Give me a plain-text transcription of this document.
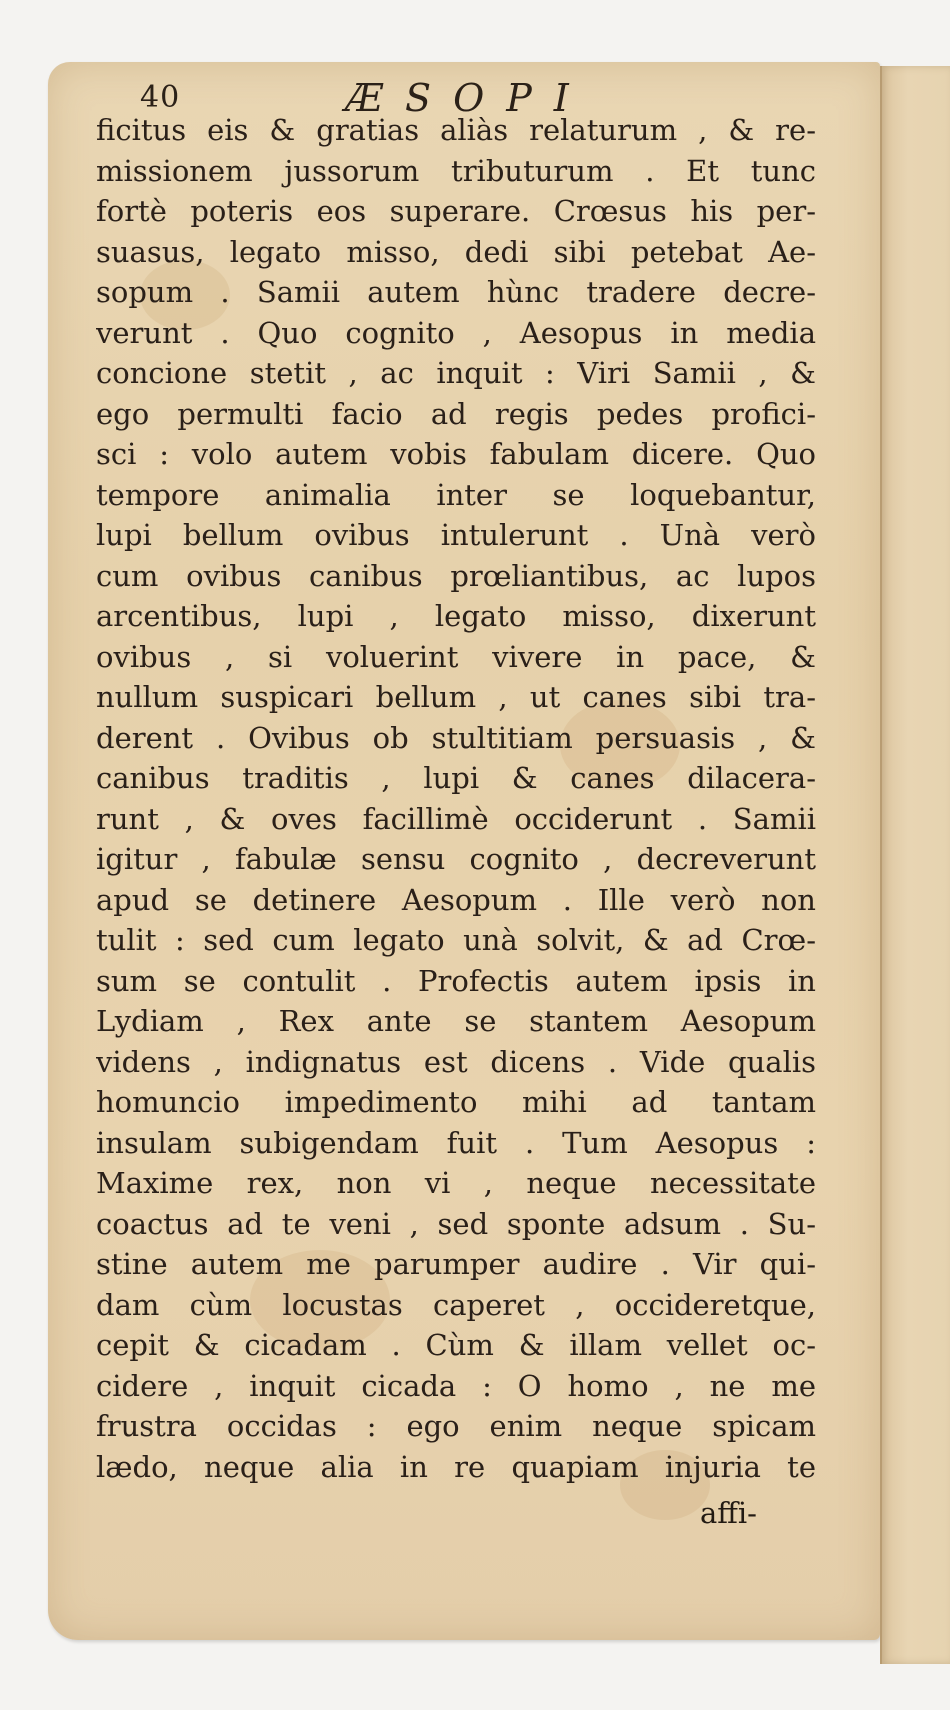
40	ÆSOPI
ficitus eis & gratias aliàs relaturum , & re-
missionem jussorum tributurum . Et tunc
fortè poteris eos superare. Crœsus his per-
suasus, legato misso, dedi sibi petebat Ae-
sopum . Samii autem hùnc tradere decre-
verunt . Quo cognito , Aesopus in media
concione stetit , ac inquit : Viri Samii , &
ego permulti facio ad regis pedes profici-
sci : volo autem vobis fabulam dicere. Quo
tempore animalia inter se loquebantur,
lupi bellum ovibus intulerunt . Unà verò
cum ovibus canibus prœliantibus, ac lupos
arcentibus, lupi , legato misso, dixerunt
ovibus , si voluerint vivere in pace, &
nullum suspicari bellum , ut canes sibi tra-
derent . Ovibus ob stultitiam persuasis , &
canibus traditis , lupi & canes dilacera-
runt , & oves facillimè occiderunt . Samii
igitur , fabulæ sensu cognito , decreverunt
apud se detinere Aesopum . Ille verò non
tulit : sed cum legato unà solvit, & ad Crœ-
sum se contulit . Profectis autem ipsis in
Lydiam , Rex ante se stantem Aesopum
videns , indignatus est dicens . Vide qualis
homuncio impedimento mihi ad tantam
insulam subigendam fuit . Tum Aesopus :
Maxime rex, non vi , neque necessitate
coactus ad te veni , sed sponte adsum . Su-
stine autem me parumper audire . Vir qui-
dam cùm locustas caperet , occideretque,
cepit & cicadam . Cùm & illam vellet oc-
cidere , inquit cicada : O homo , ne me
frustra occidas : ego enim neque spicam
lædo, neque alia in re quapiam injuria te
affi-
